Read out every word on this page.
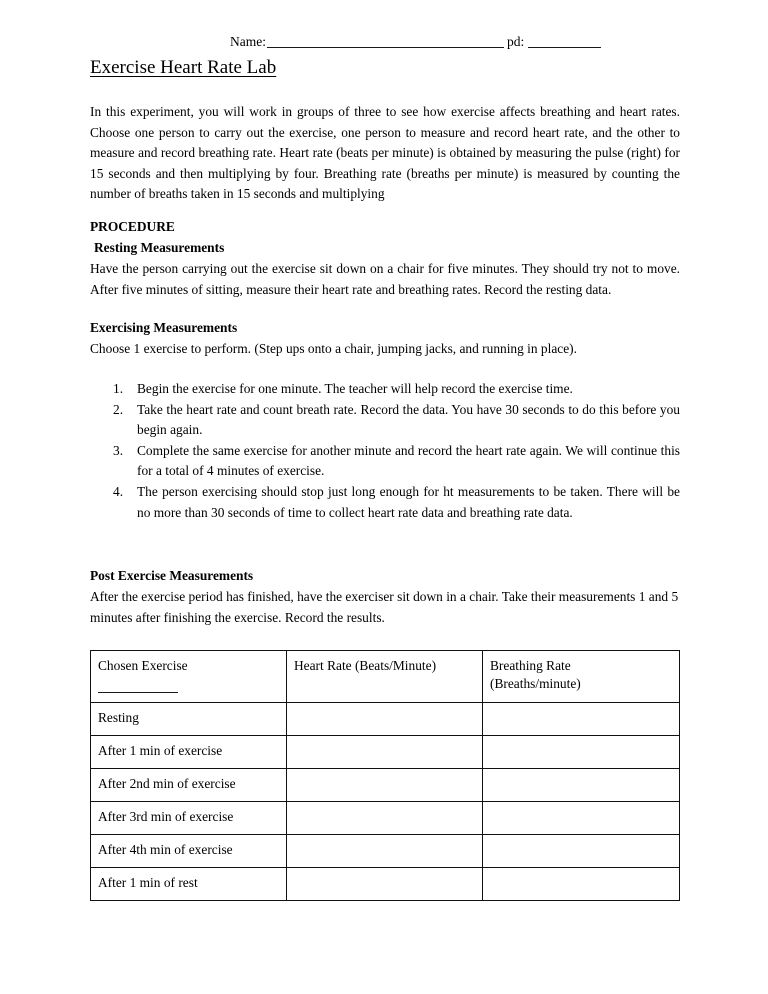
Name:	pd:
Exercise Heart Rate Lab
In this experiment, you will work in groups of three to see how exercise affects breathing and heart rates. Choose one person to carry out the exercise, one person to measure and record heart rate, and the other to measure and record breathing rate. Heart rate (beats per minute) is obtained by measuring the pulse (right) for 15 seconds and then multiplying by four. Breathing rate (breaths per minute) is measured by counting the number of breaths taken in 15 seconds and multiplying
PROCEDURE
Resting Measurements
Have the person carrying out the exercise sit down on a chair for five minutes. They should try not to move. After five minutes of sitting, measure their heart rate and breathing rates. Record the resting data.
Exercising Measurements
Choose 1 exercise to perform. (Step ups onto a chair, jumping jacks, and running in place).
1.	Begin the exercise for one minute. The teacher will help record the exercise time.
2.	Take the heart rate and count breath rate. Record the data. You have 30 seconds to do this before you begin again.
3.	Complete the same exercise for another minute and record the heart rate again. We will continue this for a total of 4 minutes of exercise.
4.	The person exercising should stop just long enough for ht measurements to be taken. There will be no more than 30 seconds of time to collect heart rate data and breathing rate data.
Post Exercise Measurements
After the exercise period has finished, have the exerciser sit down in a chair. Take their measurements 1 and 5 minutes after finishing the exercise. Record the results.
Chosen Exercise	Heart Rate (Beats/Minute)	Breathing Rate
(Breaths/minute)
Resting		
After 1 min of exercise		
After 2nd min of exercise		
After 3rd min of exercise		
After 4th min of exercise		
After 1 min of rest		
